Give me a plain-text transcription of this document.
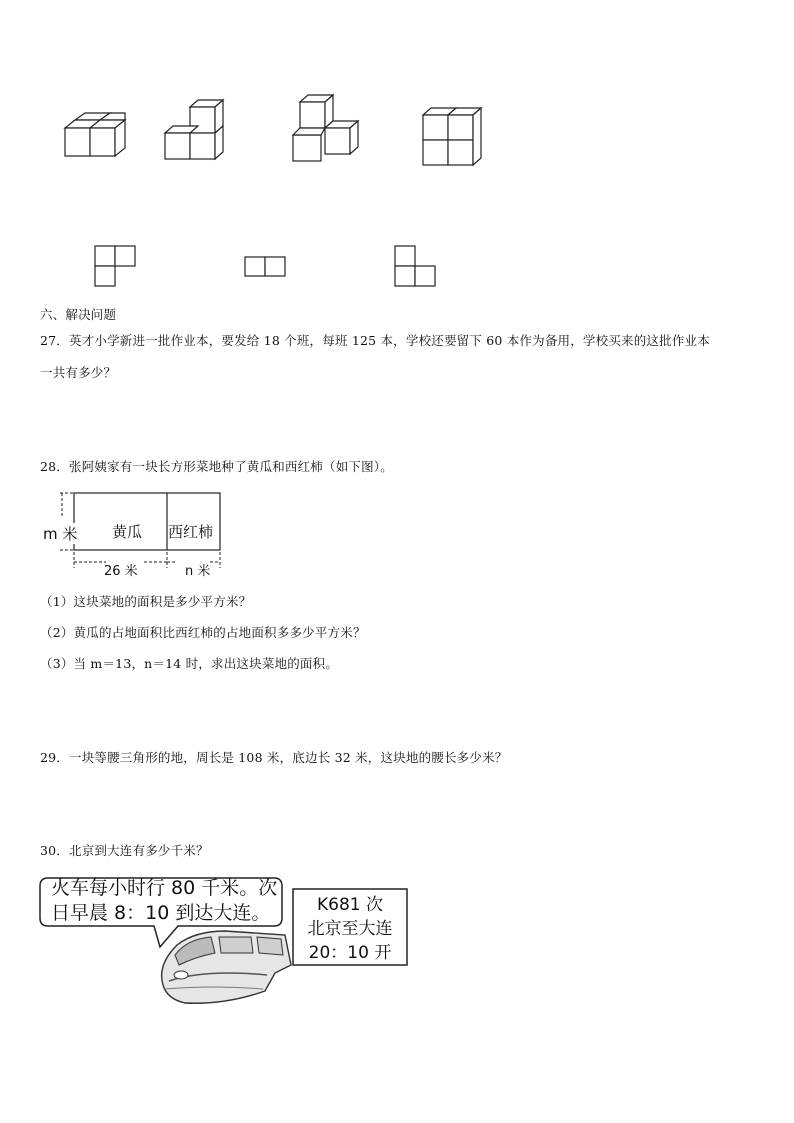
六、解决问题
27．英才小学新进一批作业本，要发给 18 个班，每班 125 本，学校还要留下 60 本作为备用，学校买来的这批作业本
一共有多少？
28．张阿姨家有一块长方形菜地种了黄瓜和西红柿（如下图）。
m 米 黄瓜 西红柿
26 米	n 米
（1）这块菜地的面积是多少平方米？
（2）黄瓜的占地面积比西红柿的占地面积多多少平方米？
（3）当 m＝13，n＝14 时，求出这块菜地的面积。
29．一块等腰三角形的地，周长是 108 米，底边长 32 米，这块地的腰长多少米？
30．北京到大连有多少千米？
火车每小时行 80 千米。次
日早晨 8：10 到达大连。	K681 次
北京至大连
20：10 开
